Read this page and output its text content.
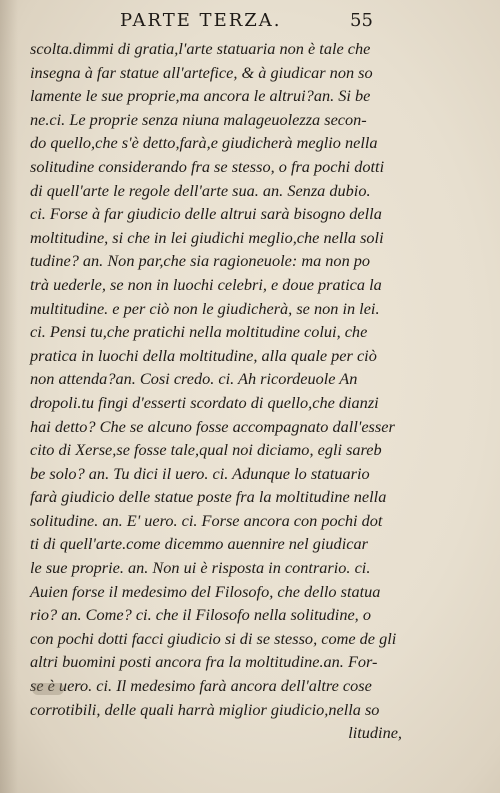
PARTE TERZA.	55
scolta.dimmi di gratia,l'arte statuaria non è tale che
insegna à far statue all'artefice, & à giudicar non so
lamente le sue proprie,ma ancora le altrui?an. Si be
ne.ci. Le proprie senza niuna malageuolezza secon-
do quello,che s'è detto,farà,e giudicherà meglio nella
solitudine considerando fra se stesso, o fra pochi dotti
di quell'arte le regole dell'arte sua. an. Senza dubio.
ci. Forse à far giudicio delle altrui sarà bisogno della
moltitudine, si che in lei giudichi meglio,che nella soli
tudine? an. Non par,che sia ragioneuole: ma non po
trà uederle, se non in luochi celebri, e doue pratica la
multitudine. e per ciò non le giudicherà, se non in lei.
ci. Pensi tu,che pratichi nella moltitudine colui, che
pratica in luochi della moltitudine, alla quale per ciò
non attenda?an. Cosi credo. ci. Ah ricordeuole An
dropoli.tu fingi d'esserti scordato di quello,che dianzi
hai detto? Che se alcuno fosse accompagnato dall'esser
cito di Xerse,se fosse tale,qual noi diciamo, egli sareb
be solo? an. Tu dici il uero. ci. Adunque lo statuario
farà giudicio delle statue poste fra la moltitudine nella
solitudine. an. E' uero. ci. Forse ancora con pochi dot
ti di quell'arte.come dicemmo auennire nel giudicar
le sue proprie. an. Non ui è risposta in contrario. ci.
Auien forse il medesimo del Filosofo, che dello statua
rio? an. Come? ci. che il Filosofo nella solitudine, o
con pochi dotti facci giudicio si di se stesso, come de gli
altri buomini posti ancora fra la moltitudine.an. For-
se è uero. ci. Il medesimo farà ancora dell'altre cose
corrotibili, delle quali harrà miglior giudicio,nella so
litudine,
